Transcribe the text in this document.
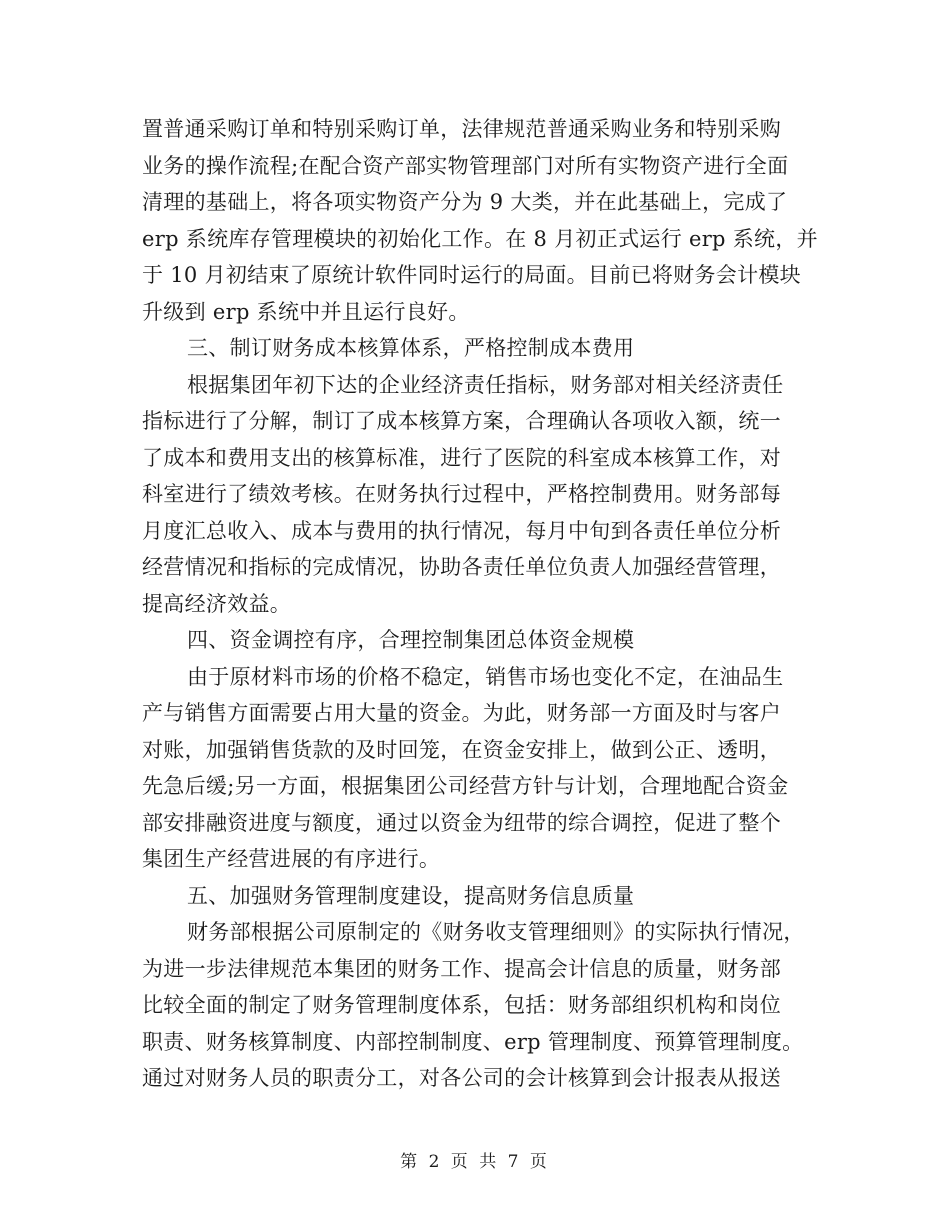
置普通采购订单和特别采购订单，法律规范普通采购业务和特别采购
业务的操作流程;在配合资产部实物管理部门对所有实物资产进行全面
清理的基础上，将各项实物资产分为 9 大类，并在此基础上，完成了
erp 系统库存管理模块的初始化工作。在 8 月初正式运行 erp 系统，并
于 10 月初结束了原统计软件同时运行的局面。目前已将财务会计模块
升级到 erp 系统中并且运行良好。
三、制订财务成本核算体系，严格控制成本费用
根据集团年初下达的企业经济责任指标，财务部对相关经济责任
指标进行了分解，制订了成本核算方案，合理确认各项收入额，统一
了成本和费用支出的核算标准，进行了医院的科室成本核算工作，对
科室进行了绩效考核。在财务执行过程中，严格控制费用。财务部每
月度汇总收入、成本与费用的执行情况，每月中旬到各责任单位分析
经营情况和指标的完成情况，协助各责任单位负责人加强经营管理，
提高经济效益。
四、资金调控有序，合理控制集团总体资金规模
由于原材料市场的价格不稳定，销售市场也变化不定，在油品生
产与销售方面需要占用大量的资金。为此，财务部一方面及时与客户
对账，加强销售货款的及时回笼，在资金安排上，做到公正、透明，
先急后缓;另一方面，根据集团公司经营方针与计划，合理地配合资金
部安排融资进度与额度，通过以资金为纽带的综合调控，促进了整个
集团生产经营进展的有序进行。
五、加强财务管理制度建设，提高财务信息质量
财务部根据公司原制定的《财务收支管理细则》的实际执行情况，
为进一步法律规范本集团的财务工作、提高会计信息的质量，财务部
比较全面的制定了财务管理制度体系，包括：财务部组织机构和岗位
职责、财务核算制度、内部控制制度、erp 管理制度、预算管理制度。
通过对财务人员的职责分工，对各公司的会计核算到会计报表从报送
第 2 页 共 7 页
